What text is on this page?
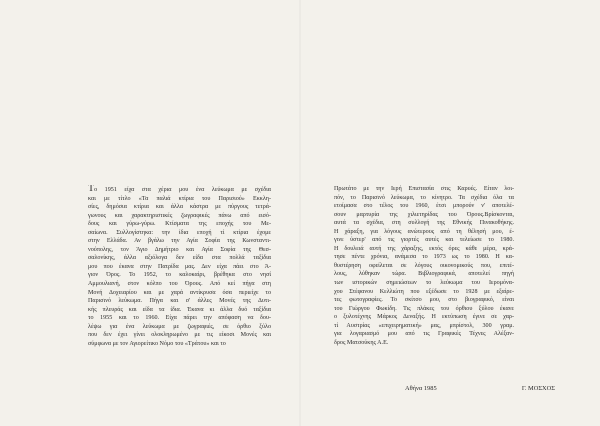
Το 1951 είχα στα χέρια μου ένα λεύκωμα με σχέδια
και με τίτλο «Τα παλιά κτίρια του Παρισιού» Εκκλη-
σίες, δημόσια κτίρια και άλλα κάστρα με πύργους τετρά-
γωνους και χαρακτηριστικές ζωγραφικές πάνω από εισό-
δους και γύρω-γύρω. Κτίσματα της εποχής του Με-
σαίωνα. Συλλογίστηκα: την ίδια εποχή τί κτίρια έχομε
στην Ελλάδα. Αν βγάλω την Αγία Σοφία της Κωνσταντι-
νούπολης, τον Άγιο Δημήτριο και Αγία Σοφία της Θεσ-
σαλονίκης, άλλα αξιόλογα δεν είδα στα πολλά ταξίδια
μου που έκανα στην Πατρίδα μας. Δεν είχα πάει στο Ά-
γιον Όρος. Το 1952, το καλοκαίρι, βρέθηκα στο νησί
Αμμουλιανή, στον κόλπο του Όρους. Από κεί πήγα στη
Μονή Δοχειαρίου και με χαρά αντίκρυσα όσα περιείχε το
Παρισινό λεύκωμα. Πήγα και σ' άλλες Μονές της Δυτι-
κής πλευράς και είδα τα ίδια. Έκανα κι άλλα δυό ταξίδια
το 1955 και το 1960. Είχα πάρει την απόφαση να δου-
λέψω για ένα λεύκωμα με ζωγραφιές, σε όρθιο ξύλο
που δεν έχει γίνει ολοκληρωμένο με τις είκοσι Μονές και
σύμφωνα με τον Αγιορείτικο Νόμο του «Τράτου» και το
Πρωτάτο με την Ιερή Επιστασία στις Καρυές. Είταν λοι-
πόν, το Παρισινό λεύκωμα, το κίνητρο. Τα σχέδια όλα τα
ετοίμασα στο τέλος του 1960, έτσι μπορούν ν' αποτελέ-
σουν μαρτυρία της χιλιετηρίδας του Όρους.Βρίσκονται,
αυτά τα σχέδια, στη συλλογή της Εθνικής Πινακοθήκης.
Η χάραξη, για λόγους ανώτερους από τη θέλησή μου, έ-
γινε ύστερ' από τις γιορτές αυτές και τελείωσε το 1980.
Η δουλειά αυτή της χάραξης, εκτός όρες κάθε μέρα, κρά-
τησε πέντε χρόνια, ανάμεσα το 1973 ως το 1980. Η κα-
θυστέρηση οφείλεται σε λόγους οικονομικούς που, επιτέ-
λους, λύθηκαν τώρα. Βιβλιογραφικά, αποτελεί πηγή
των ιστορικών σημειώσεων το λεύκωμα του Ιερομόνα-
χου Στέφανου Κελλιώτη που εξέδωσε το 1928 με εξαίρε-
τες φωτογραφίες. Το σκίτσο μου, στο βιογραφικό, είναι
του Γιώργου Φωκίδη. Τις πλάκες του όρθιου ξύλου έκανε
ο ξυλοτέχνης Μάρκος Δεναξής. Η εκτύπωση έγινε σε χαρ-
τί Αυστρίας «επιχειρηματική» μας, μπρίστολ, 300 γραμ.
για λογαριασμό μου από τις Γραφικές Τέχνες Αλέξαν-
δρος Ματσούκης Α.Ε.
Αθήνα 1985	Γ. ΜΟΣΧΟΣ
